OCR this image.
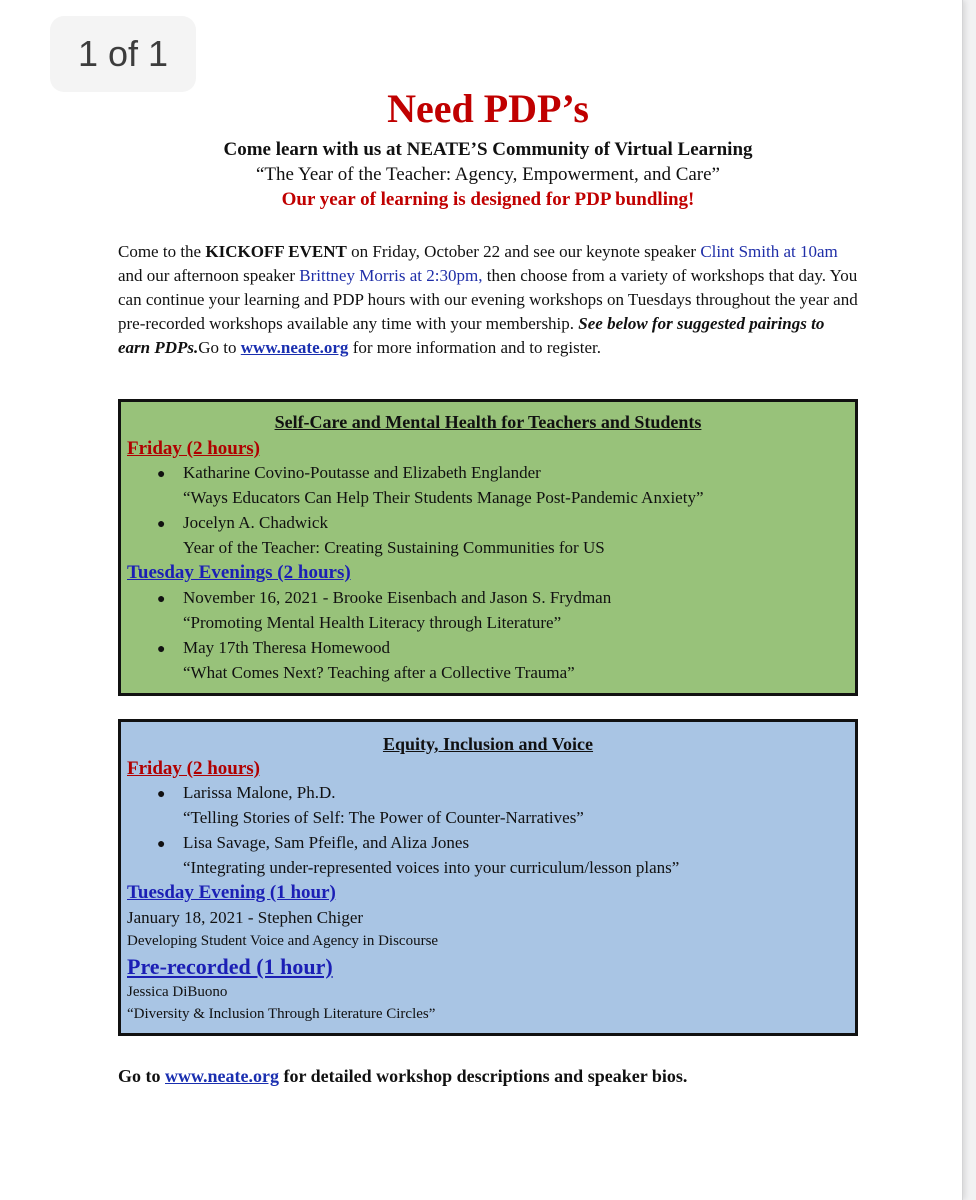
1 of 1
Need PDP’s
Come learn with us at NEATE’S Community of Virtual Learning
“The Year of the Teacher: Agency, Empowerment, and Care”
Our year of learning is designed for PDP bundling!
Come to the KICKOFF EVENT on Friday, October 22 and see our keynote speaker Clint Smith at 10am and our afternoon speaker Brittney Morris at 2:30pm, then choose from a variety of workshops that day. You can continue your learning and PDP hours with our evening workshops on Tuesdays throughout the year and pre-recorded workshops available any time with your membership. See below for suggested pairings to earn PDPs.Go to www.neate.org for more information and to register.
Self-Care and Mental Health for Teachers and Students
Friday (2 hours)
● Katharine Covino-Poutasse and Elizabeth Englander
“Ways Educators Can Help Their Students Manage Post-Pandemic Anxiety”
● Jocelyn A. Chadwick
Year of the Teacher: Creating Sustaining Communities for US
Tuesday Evenings (2 hours)
● November 16, 2021 - Brooke Eisenbach and Jason S. Frydman
“Promoting Mental Health Literacy through Literature”
● May 17th Theresa Homewood
“What Comes Next? Teaching after a Collective Trauma”
Equity, Inclusion and Voice
Friday (2 hours)
● Larissa Malone, Ph.D.
“Telling Stories of Self: The Power of Counter-Narratives”
● Lisa Savage, Sam Pfeifle, and Aliza Jones
“Integrating under-represented voices into your curriculum/lesson plans”
Tuesday Evening (1 hour)
January 18, 2021 - Stephen Chiger
Developing Student Voice and Agency in Discourse
Pre-recorded (1 hour)
Jessica DiBuono
“Diversity & Inclusion Through Literature Circles”
Go to www.neate.org for detailed workshop descriptions and speaker bios.
